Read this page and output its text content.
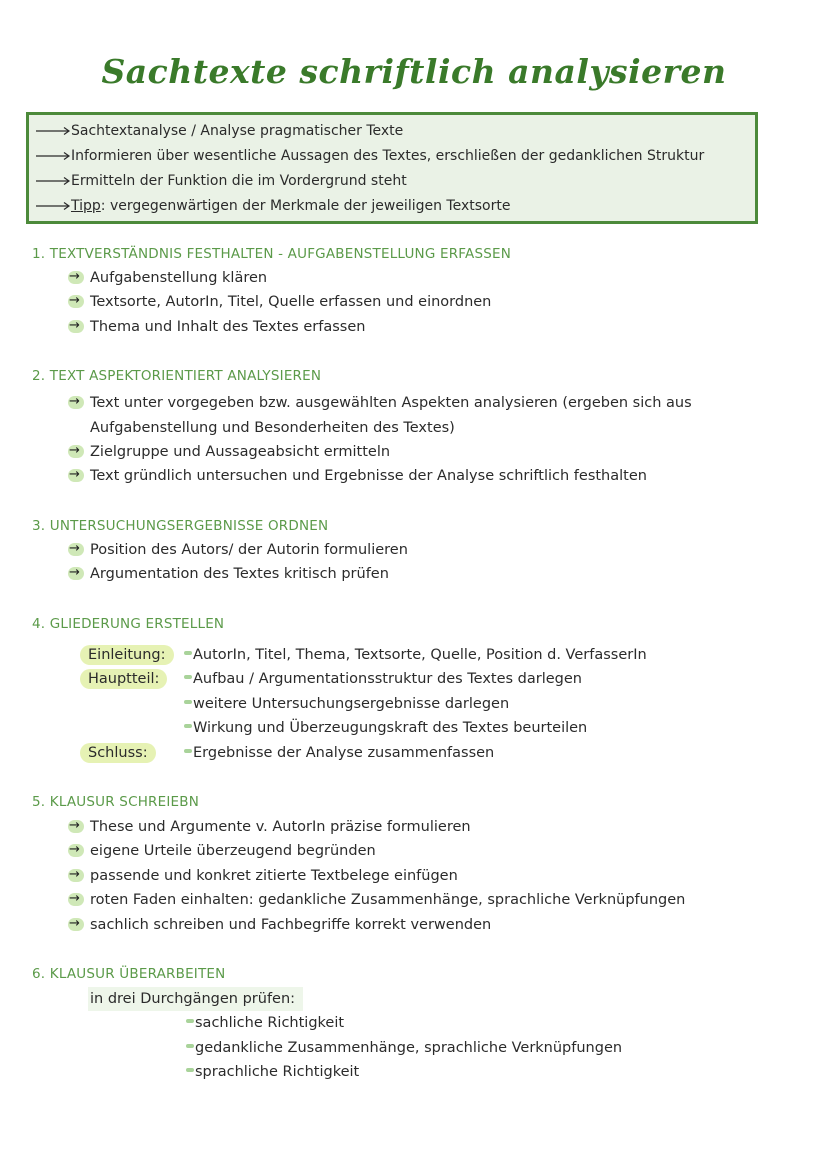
Sachtexte schriftlich analysieren
Sachtextanalyse / Analyse pragmatischer Texte
Informieren über wesentliche Aussagen des Textes, erschließen der gedanklichen Struktur
Ermitteln der Funktion die im Vordergrund steht
Tipp: vergegenwärtigen der Merkmale der jeweiligen Textsorte
1. TEXTVERSTÄNDNIS FESTHALTEN - AUFGABENSTELLUNG ERFASSEN
→Aufgabenstellung klären
→Textsorte, AutorIn, Titel, Quelle erfassen und einordnen
→Thema und Inhalt des Textes erfassen
2. TEXT ASPEKTORIENTIERT ANALYSIEREN
→Text unter vorgegeben bzw. ausgewählten Aspekten analysieren (ergeben sich aus
Aufgabenstellung und Besonderheiten des Textes)
→Zielgruppe und Aussageabsicht ermitteln
→Text gründlich untersuchen und Ergebnisse der Analyse schriftlich festhalten
3. UNTERSUCHUNGSERGEBNISSE ORDNEN
→Position des Autors/ der Autorin formulieren
→Argumentation des Textes kritisch prüfen
4. GLIEDERUNG ERSTELLEN
Einleitung:	AutorIn, Titel, Thema, Textsorte, Quelle, Position d. VerfasserIn
Hauptteil:	Aufbau / Argumentationsstruktur des Textes darlegen
weitere Untersuchungsergebnisse darlegen
Wirkung und Überzeugungskraft des Textes beurteilen
Schluss:	Ergebnisse der Analyse zusammenfassen
5. KLAUSUR SCHREIEBN
→These und Argumente v. AutorIn präzise formulieren
→eigene Urteile überzeugend begründen
→passende und konkret zitierte Textbelege einfügen
→roten Faden einhalten: gedankliche Zusammenhänge, sprachliche Verknüpfungen
→sachlich schreiben und Fachbegriffe korrekt verwenden
6. KLAUSUR ÜBERARBEITEN
in drei Durchgängen prüfen:
sachliche Richtigkeit
gedankliche Zusammenhänge, sprachliche Verknüpfungen
sprachliche Richtigkeit
